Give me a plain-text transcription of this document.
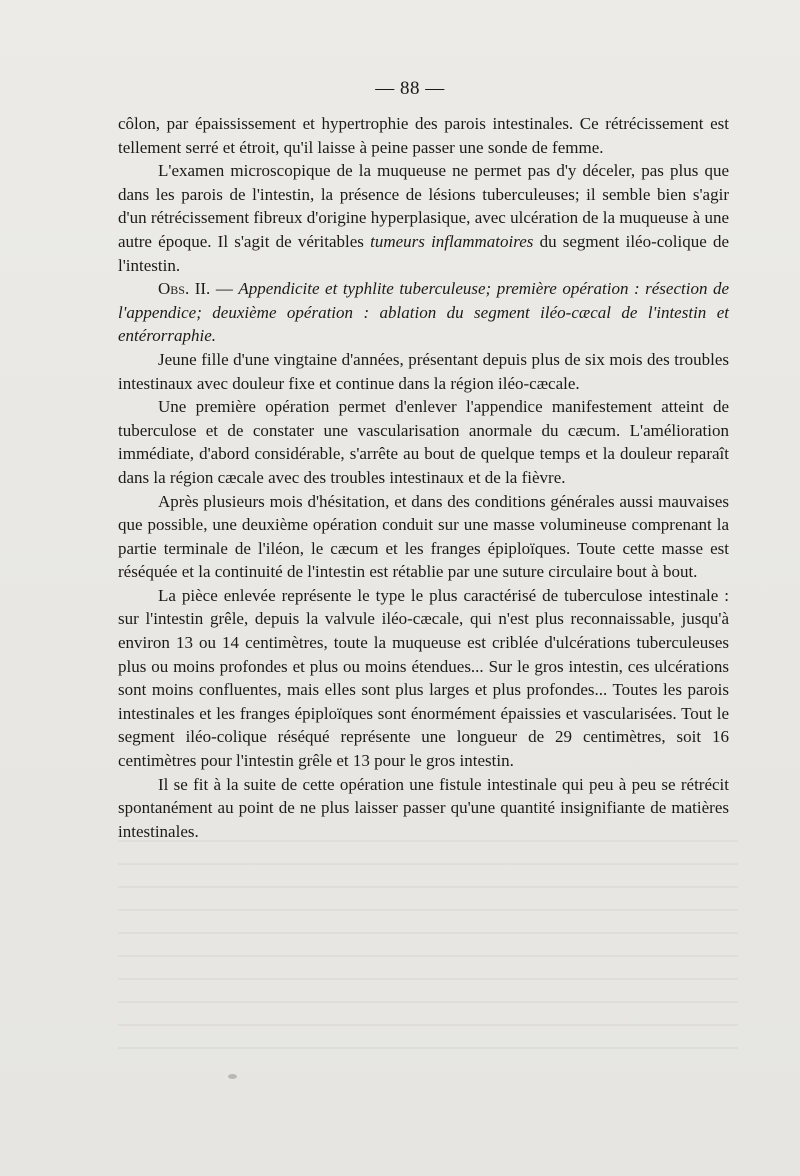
— 88 —

côlon, par épaississement et hypertrophie des parois intestinales. Ce rétrécissement est tellement serré et étroit, qu'il laisse à peine passer une sonde de femme.

L'examen microscopique de la muqueuse ne permet pas d'y déceler, pas plus que dans les parois de l'intestin, la présence de lésions tuberculeuses; il semble bien s'agir d'un rétrécissement fibreux d'origine hyperplasique, avec ulcération de la muqueuse à une autre époque. Il s'agit de véritables tumeurs inflammatoires du segment iléo-colique de l'intestin.

Obs. II. — Appendicite et typhlite tuberculeuse; première opération : résection de l'appendice; deuxième opération : ablation du segment iléo-cæcal de l'intestin et entérorraphie.

Jeune fille d'une vingtaine d'années, présentant depuis plus de six mois des troubles intestinaux avec douleur fixe et continue dans la région iléo-cæcale.

Une première opération permet d'enlever l'appendice manifestement atteint de tuberculose et de constater une vascularisation anormale du cæcum. L'amélioration immédiate, d'abord considérable, s'arrête au bout de quelque temps et la douleur reparaît dans la région cæcale avec des troubles intestinaux et de la fièvre.

Après plusieurs mois d'hésitation, et dans des conditions générales aussi mauvaises que possible, une deuxième opération conduit sur une masse volumineuse comprenant la partie terminale de l'iléon, le cæcum et les franges épiploïques. Toute cette masse est réséquée et la continuité de l'intestin est rétablie par une suture circulaire bout à bout.

La pièce enlevée représente le type le plus caractérisé de tuberculose intestinale : sur l'intestin grêle, depuis la valvule iléo-cæcale, qui n'est plus reconnaissable, jusqu'à environ 13 ou 14 centimètres, toute la muqueuse est criblée d'ulcérations tuberculeuses plus ou moins profondes et plus ou moins étendues... Sur le gros intestin, ces ulcérations sont moins confluentes, mais elles sont plus larges et plus profondes... Toutes les parois intestinales et les franges épiploïques sont énormément épaissies et vascularisées. Tout le segment iléo-colique réséqué représente une longueur de 29 centimètres, soit 16 centimètres pour l'intestin grêle et 13 pour le gros intestin.

Il se fit à la suite de cette opération une fistule intestinale qui peu à peu se rétrécit spontanément au point de ne plus laisser passer qu'une quantité insignifiante de matières intestinales.
